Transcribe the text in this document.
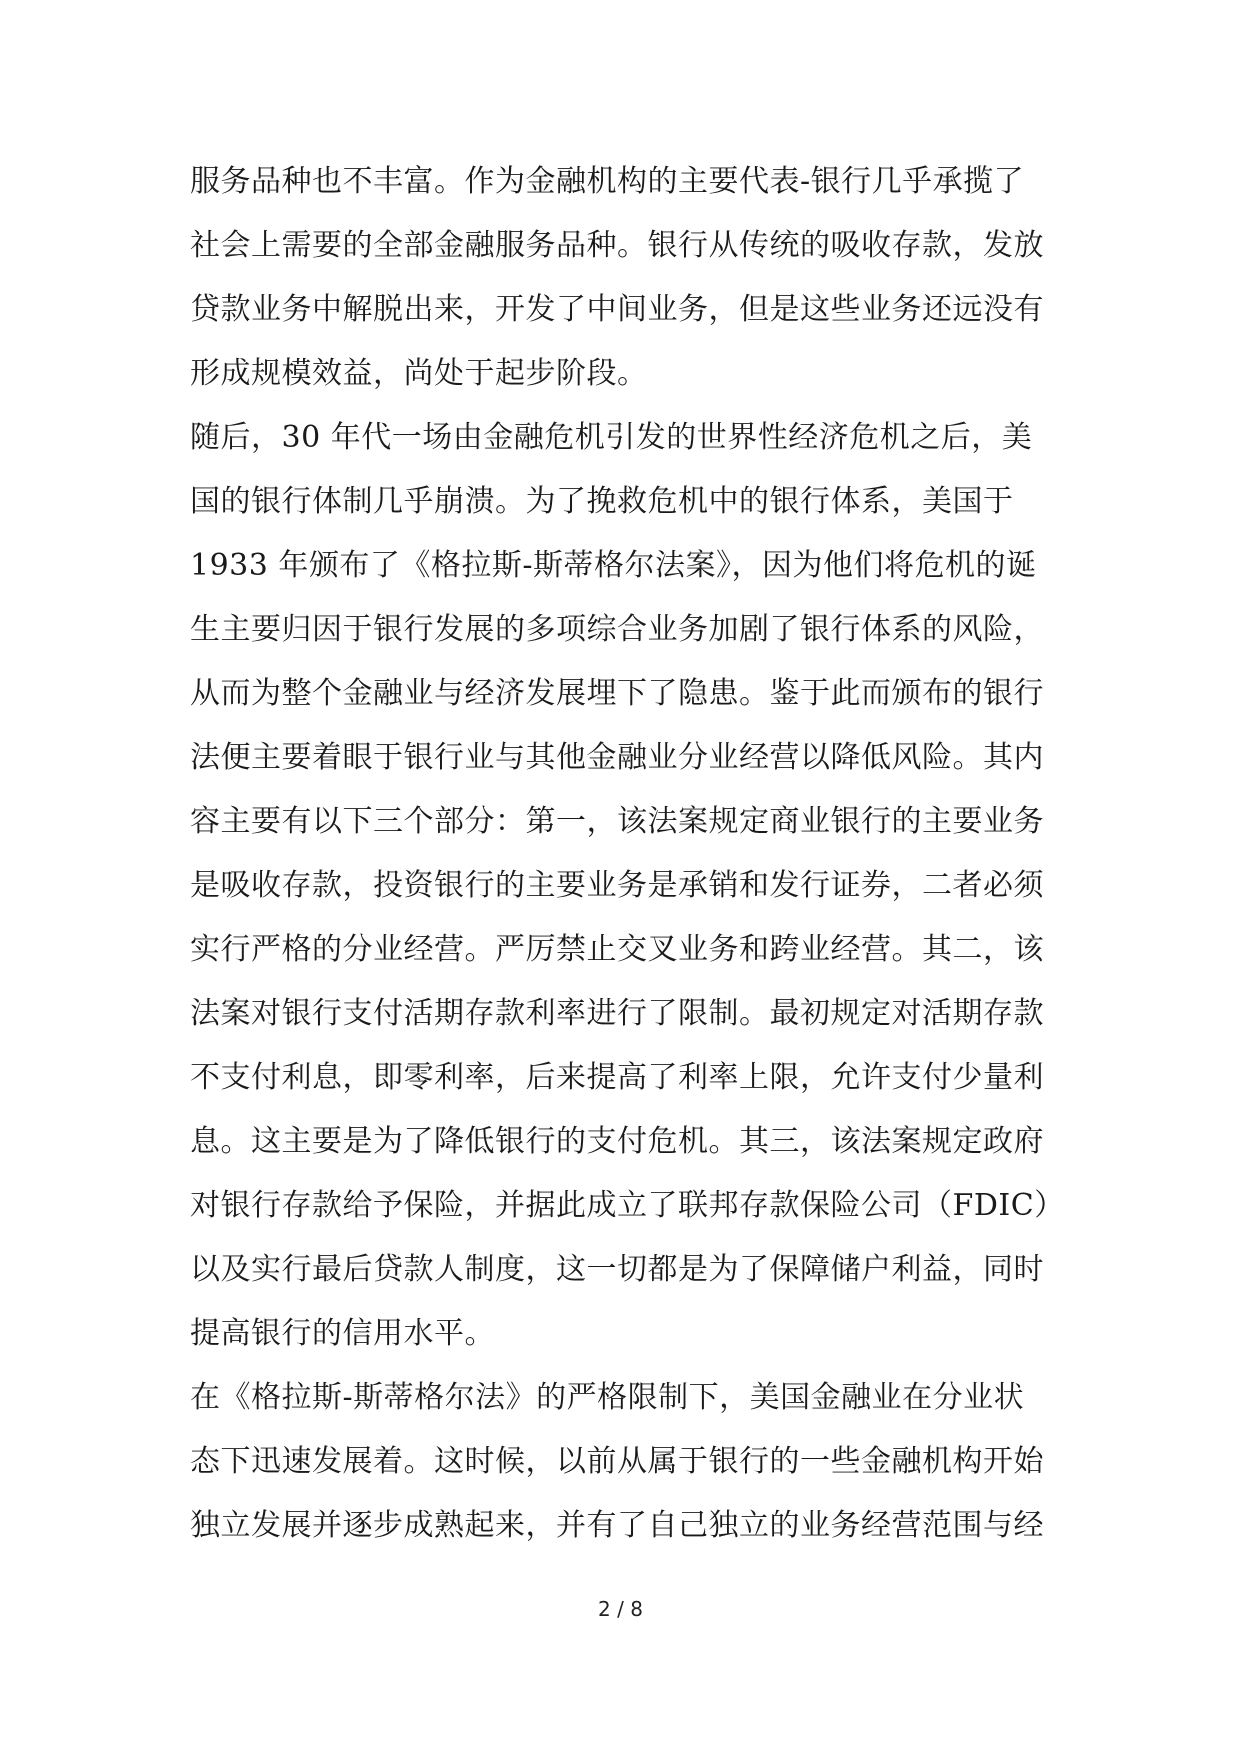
服务品种也不丰富。作为金融机构的主要代表-银行几乎承揽了
社会上需要的全部金融服务品种。银行从传统的吸收存款，发放
贷款业务中解脱出来，开发了中间业务，但是这些业务还远没有
形成规模效益，尚处于起步阶段。
随后，30 年代一场由金融危机引发的世界性经济危机之后，美
国的银行体制几乎崩溃。为了挽救危机中的银行体系，美国于
1933 年颁布了《格拉斯-斯蒂格尔法案》，因为他们将危机的诞
生主要归因于银行发展的多项综合业务加剧了银行体系的风险，
从而为整个金融业与经济发展埋下了隐患。鉴于此而颁布的银行
法便主要着眼于银行业与其他金融业分业经营以降低风险。其内
容主要有以下三个部分：第一，该法案规定商业银行的主要业务
是吸收存款，投资银行的主要业务是承销和发行证券，二者必须
实行严格的分业经营。严厉禁止交叉业务和跨业经营。其二，该
法案对银行支付活期存款利率进行了限制。最初规定对活期存款
不支付利息，即零利率，后来提高了利率上限，允许支付少量利
息。这主要是为了降低银行的支付危机。其三，该法案规定政府
对银行存款给予保险，并据此成立了联邦存款保险公司（FDIC）
以及实行最后贷款人制度，这一切都是为了保障储户利益，同时
提高银行的信用水平。
在《格拉斯-斯蒂格尔法》的严格限制下，美国金融业在分业状
态下迅速发展着。这时候，以前从属于银行的一些金融机构开始
独立发展并逐步成熟起来，并有了自己独立的业务经营范围与经
2 / 8
